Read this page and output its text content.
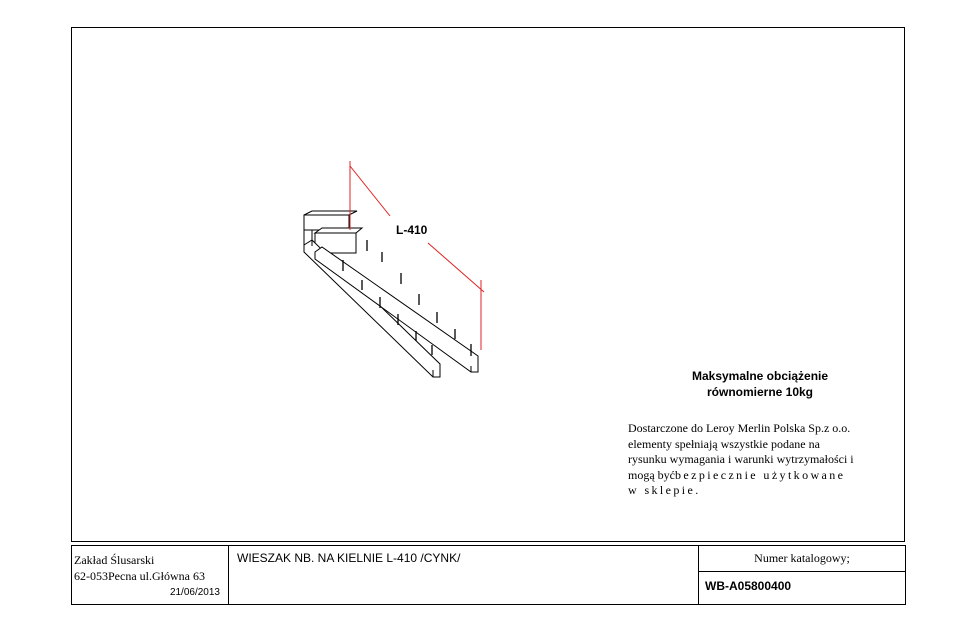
L-410
Maksymalne obciążenie
równomierne 10kg
Dostarczone do Leroy Merlin Polska Sp.z o.o.
elementy spełniają wszystkie podane na
rysunku wymagania i warunki wytrzymałości i
mogą byćbezpiecznie użytkowane
w sklepie.
Zakład Ślusarski
62-053Pecna ul.Główna 63
21/06/2013
WIESZAK NB. NA KIELNIE L-410 /CYNK/	Numer katalogowy;
WB-A05800400
